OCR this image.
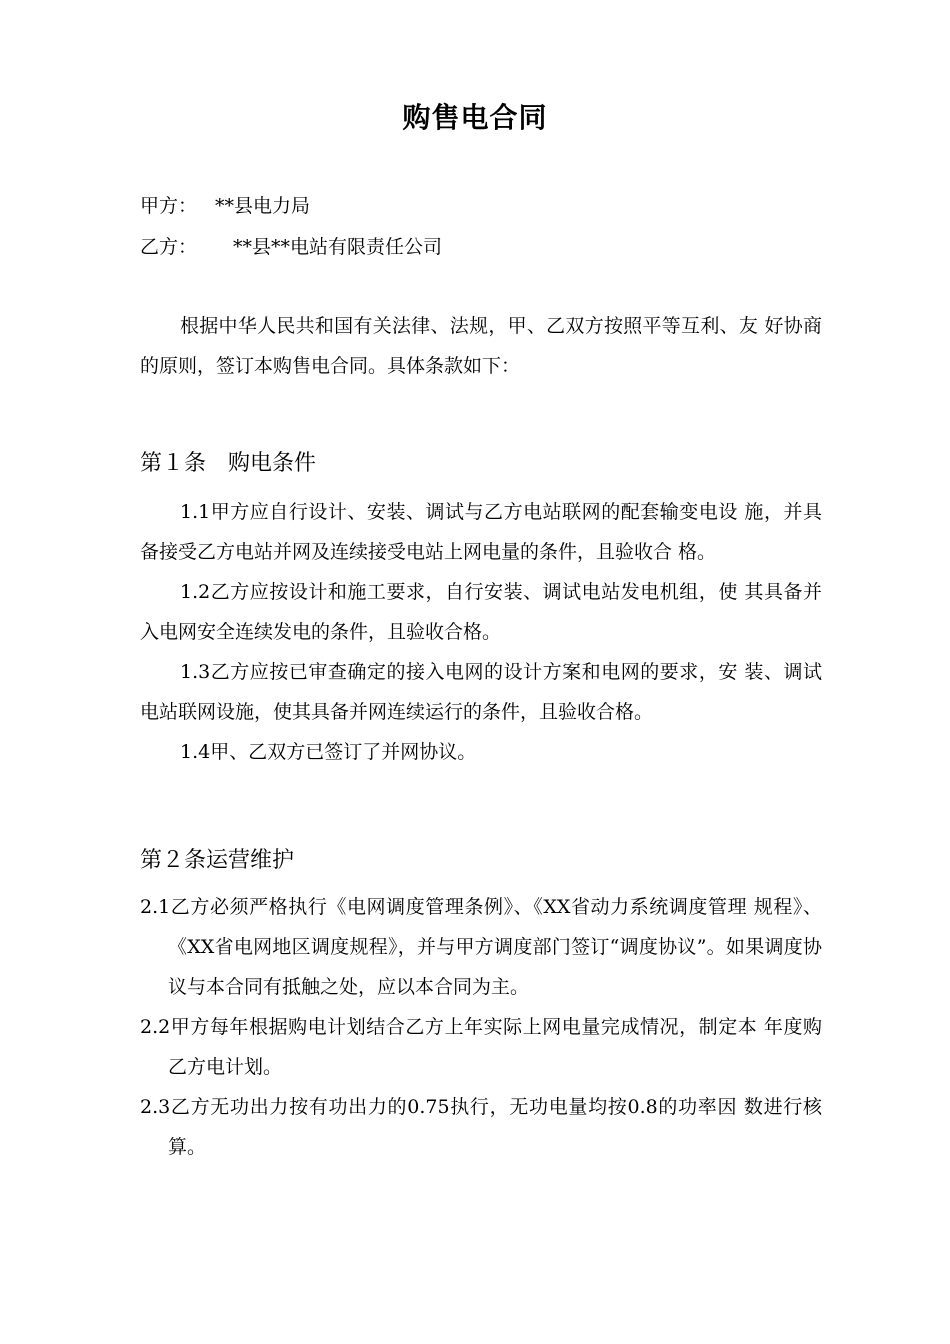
购售电合同
甲方： **县电力局
乙方： **县**电站有限责任公司
根据中华人民共和国有关法律、法规，甲、乙双方按照平等互利、友 好协商的原则，签订本购售电合同。具体条款如下：
第１条　购电条件

1.1甲方应自行设计、安装、调试与乙方电站联网的配套输变电设 施，并具备接受乙方电站并网及连续接受电站上网电量的条件，且验收合 格。

1.2乙方应按设计和施工要求，自行安装、调试电站发电机组，使 其具备并入电网安全连续发电的条件，且验收合格。

1.3乙方应按已审查确定的接入电网的设计方案和电网的要求，安 装、调试电站联网设施，使其具备并网连续运行的条件，且验收合格。

1.4甲、乙双方已签订了并网协议。

第２条运营维护

2.1乙方必须严格执行《电网调度管理条例》、《XX省动力系统调度管理 规程》、《XX省电网地区调度规程》，并与甲方调度部门签订“调度协议”。如果调度协议与本合同有抵触之处，应以本合同为主。

2.2甲方每年根据购电计划结合乙方上年实际上网电量完成情况，制定本 年度购乙方电计划。

2.3乙方无功出力按有功出力的0.75执行，无功电量均按0.8的功率因 数进行核算。
